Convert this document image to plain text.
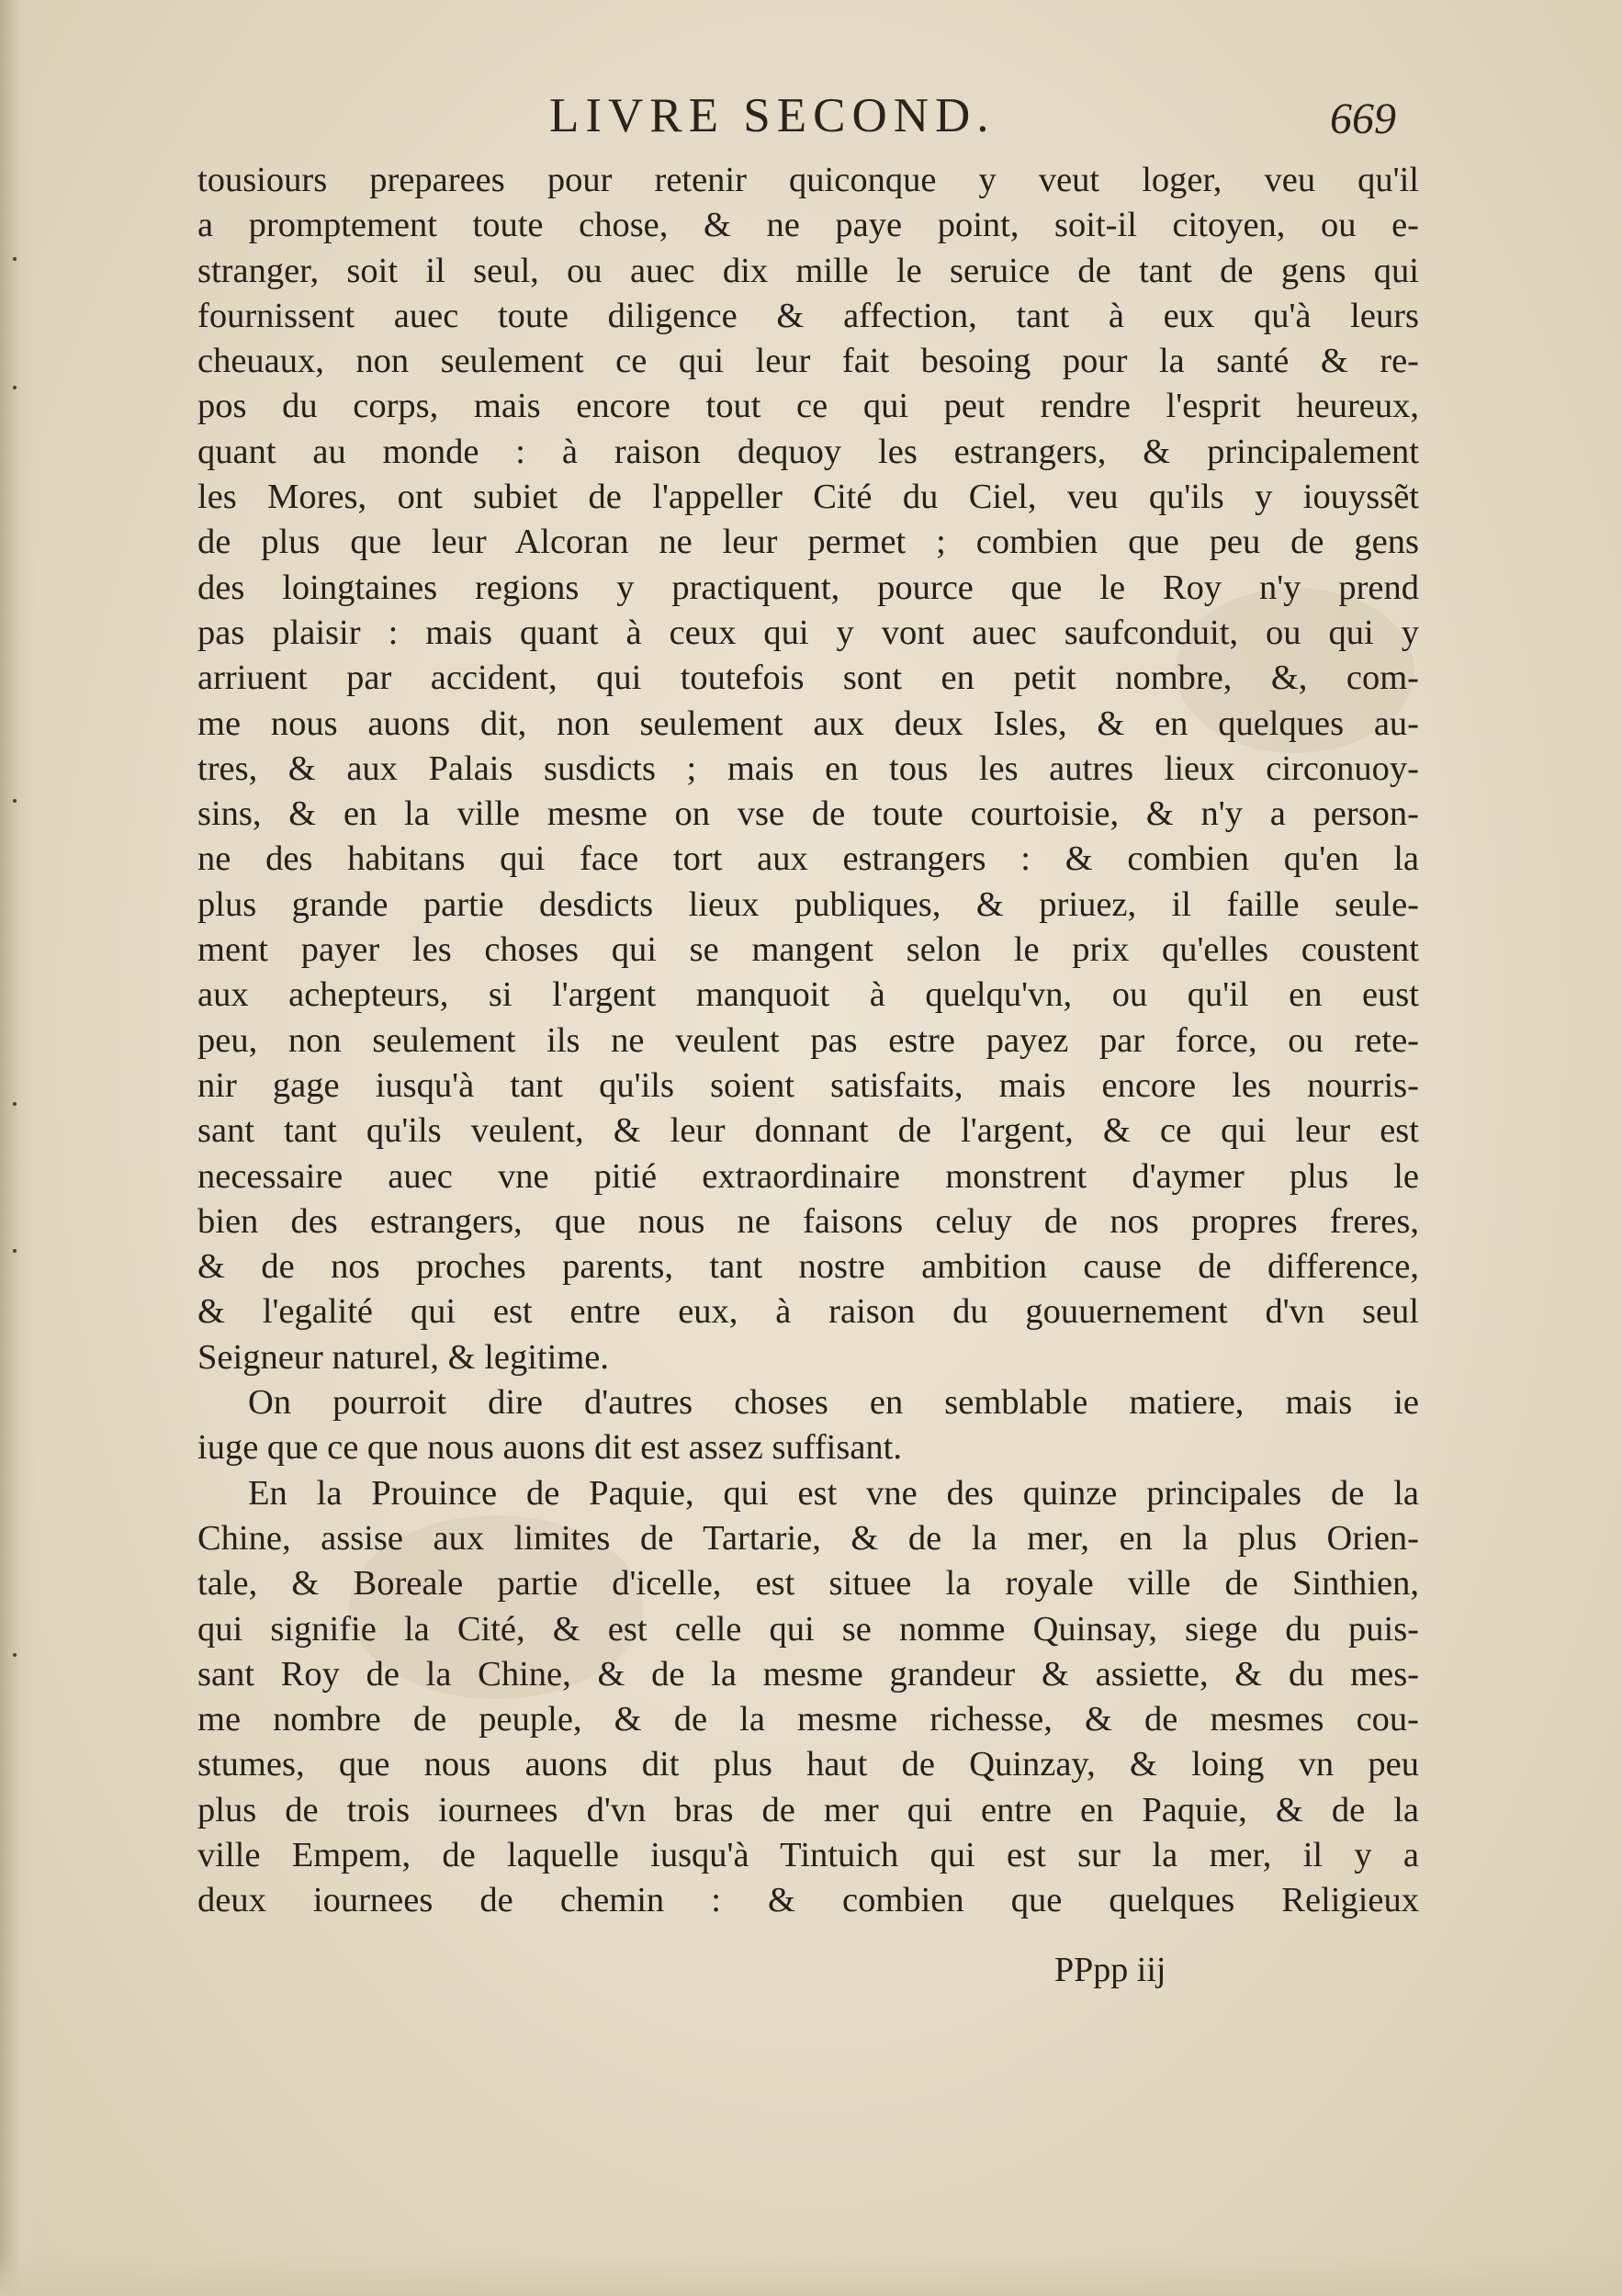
LIVRE SECOND.	669
tousiours preparees pour retenir quiconque y veut loger, veu qu'il
a promptement toute chose, & ne paye point, soit-il citoyen, ou e-
stranger, soit il seul, ou auec dix mille le seruice de tant de gens qui
fournissent auec toute diligence & affection, tant à eux qu'à leurs
cheuaux, non seulement ce qui leur fait besoing pour la santé & re-
pos du corps, mais encore tout ce qui peut rendre l'esprit heureux,
quant au monde : à raison dequoy les estrangers, & principalement
les Mores, ont subiet de l'appeller Cité du Ciel, veu qu'ils y iouyssẽt
de plus que leur Alcoran ne leur permet ; combien que peu de gens
des loingtaines regions y practiquent, pource que le Roy n'y prend
pas plaisir : mais quant à ceux qui y vont auec saufconduit, ou qui y
arriuent par accident, qui toutefois sont en petit nombre, &, com-
me nous auons dit, non seulement aux deux Isles, & en quelques au-
tres, & aux Palais susdicts ; mais en tous les autres lieux circonuoy-
sins, & en la ville mesme on vse de toute courtoisie, & n'y a person-
ne des habitans qui face tort aux estrangers : & combien qu'en la
plus grande partie desdicts lieux publiques, & priuez, il faille seule-
ment payer les choses qui se mangent selon le prix qu'elles coustent
aux achepteurs, si l'argent manquoit à quelqu'vn, ou qu'il en eust
peu, non seulement ils ne veulent pas estre payez par force, ou rete-
nir gage iusqu'à tant qu'ils soient satisfaits, mais encore les nourris-
sant tant qu'ils veulent, & leur donnant de l'argent, & ce qui leur est
necessaire auec vne pitié extraordinaire monstrent d'aymer plus le
bien des estrangers, que nous ne faisons celuy de nos propres freres,
& de nos proches parents, tant nostre ambition cause de difference,
& l'egalité qui est entre eux, à raison du gouuernement d'vn seul
Seigneur naturel, & legitime.
On pourroit dire d'autres choses en semblable matiere, mais ie
iuge que ce que nous auons dit est assez suffisant.
En la Prouince de Paquie, qui est vne des quinze principales de la
Chine, assise aux limites de Tartarie, & de la mer, en la plus Orien-
tale, & Boreale partie d'icelle, est situee la royale ville de Sinthien,
qui signifie la Cité, & est celle qui se nomme Quinsay, siege du puis-
sant Roy de la Chine, & de la mesme grandeur & assiette, & du mes-
me nombre de peuple, & de la mesme richesse, & de mesmes cou-
stumes, que nous auons dit plus haut de Quinzay, & loing vn peu
plus de trois iournees d'vn bras de mer qui entre en Paquie, & de la
ville Empem, de laquelle iusqu'à Tintuich qui est sur la mer, il y a
deux iournees de chemin : & combien que quelques Religieux
PPpp iij
